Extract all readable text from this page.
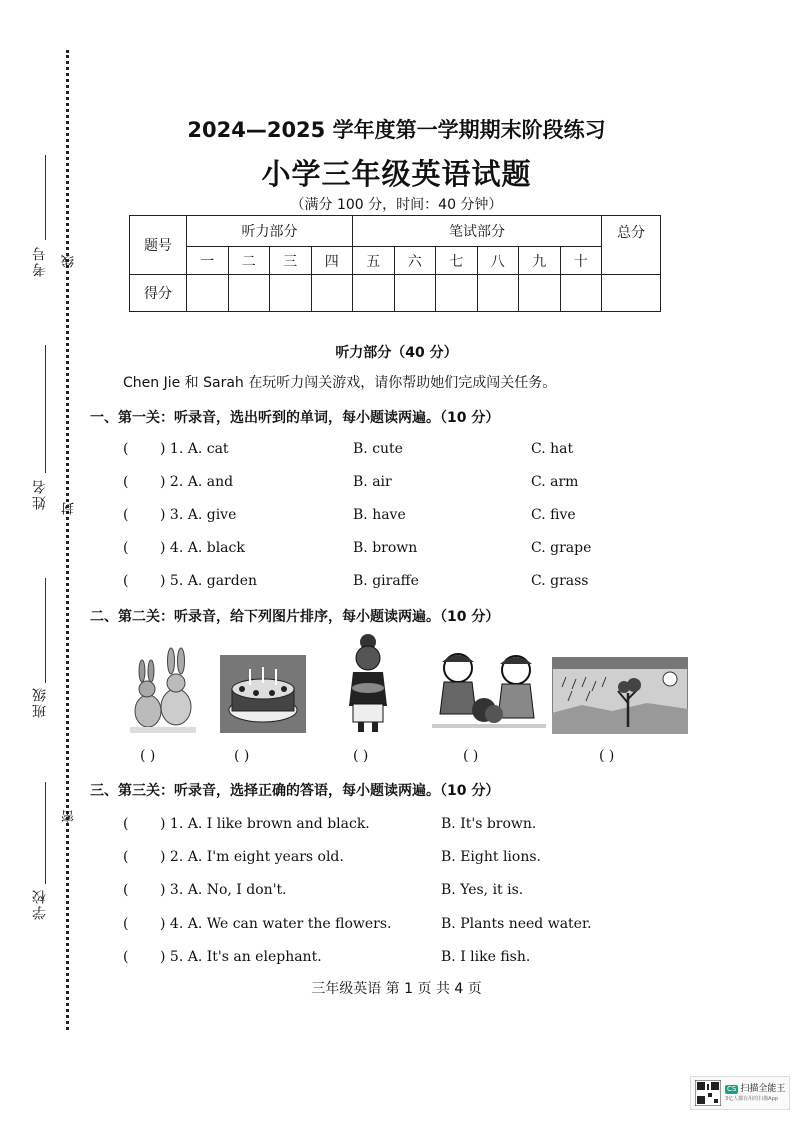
考号
姓名
班级
学校
线
封
密
2024—2025 学年度第一学期期末阶段练习
小学三年级英语试题
（满分 100 分，时间：40 分钟）
题号	听力部分				笔试部分						总分
	一	二	三	四	五	六	七	八	九	十	
得分											
听力部分（40 分）
Chen Jie 和 Sarah 在玩听力闯关游戏，请你帮助她们完成闯关任务。
一、第一关：听录音，选出听到的单词，每小题读两遍。（10 分）
( ) 1. A. cat	B. cute	C. hat
( ) 2. A. and	B. air	C. arm
( ) 3. A. give	B. have	C. five
( ) 4. A. black	B. brown	C. grape
( ) 5. A. garden	B. giraffe	C. grass
二、第二关：听录音，给下列图片排序，每小题读两遍。（10 分）
( )	( )	( )	( )	( )
三、第三关：听录音，选择正确的答语，每小题读两遍。（10 分）
( ) 1. A. I like brown and black.	B. It's brown.
( ) 2. A. I'm eight years old.	B. Eight lions.
( ) 3. A. No, I don't.	B. Yes, it is.
( ) 4. A. We can water the flowers.	B. Plants need water.
( ) 5. A. It's an elephant.	B. I like fish.
三年级英语 第 1 页 共 4 页
CS 扫描全能王
3亿人都在用的扫描App
